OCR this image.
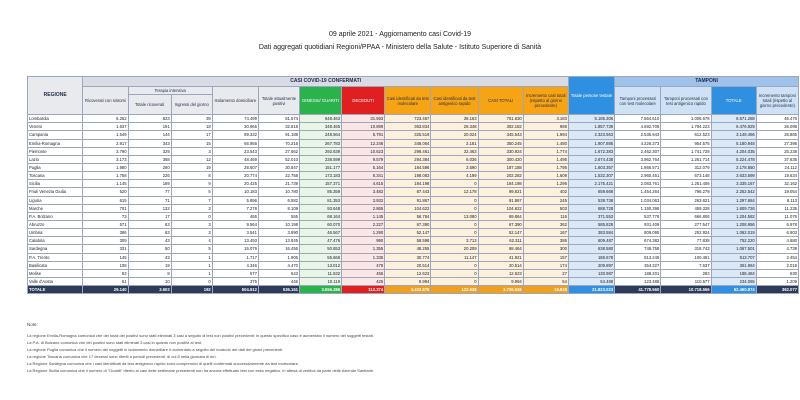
09 aprile 2021 - Aggiornamento casi Covid-19
Dati aggregati quotidiani Regioni/PPAA - Ministero della Salute - Istituto Superiore di Sanità
REGIONE	CASI COVID-19 CONFERMATI											Totale persone testate	TAMPONI			
	Ricoverati con sintomi	Terapia intensiva		Isolamento domiciliare	Totale attualmente positivi	DIMESSI/ GUARITI	DECEDUTI	Casi identificati da test molecolare	Casi identificati da test antigenico rapido	CASI TOTALI	Incremento casi totali (rispetto al giorno precedente)		Tamponi processati con test molecolare	Tamponi processati con test antigenico rapido	TOTALE	Incremento tamponi totali (rispetto al giorno precedente)
		Totale ricoverati	Ingressi del giorno													
Lombardia	6.252	823	39	74.499	81.574	648.463	31.593	723.467	38.163	761.630	3.183	5.185.306	7.564.610	1.006.678	8.571.288	46.476
Veneto	1.637	191	18	30.965	32.818	348.465	10.899	363.834	28.348	392.182	986	1.857.739	4.692.706	1.784.223	6.476.929	26.098
Campania	1.549	144	17	89.332	91.188	248.564	5.791	325.519	20.024	345.543	1.994	2.323.563	2.535.943	612.523	3.148.466	26.865
Emilia-Romagna	2.917	343	15	66.956	70.216	267.783	12.246	348.064	2.181	350.245	1.480	1.907.885	4.226.373	954.575	5.180.948	27.396
Piemonte	3.790	329	3	23.543	27.662	292.639	10.623	298.461	32.463	330.924	1.774	1.672.383	2.462.307	1.741.728	4.204.035	25.238
Lazio	3.173	368	12	48.469	52.010	238.599	9.579	294.384	6.036	300.420	1.495	2.674.438	3.962.764	1.261.714	5.224.478	37.635
Puglia	1.980	260	19	28.607	30.847	151.177	5.164	184.598	2.590	187.188	1.795	1.603.357	1.866.571	312.079	2.178.650	24.112
Toscana	1.758	226	8	20.774	22.758	173.183	6.341	198.083	4.199	202.282	1.609	1.532.307	2.960.451	673.148	3.633.599	19.634
Sicilia	1.145	169	9	20.425	21.739	157.371	4.615	184.198	0	184.198	1.296	2.175.421	2.083.761	1.251.406	3.335.167	32.162
Friuli Venezia Giulia	520	77	5	10.183	10.780	85.359	3.482	87.443	12.178	99.621	402	659.668	1.454.264	798.278	2.252.542	19.054
Liguria	615	71	7	5.896	6.582	81.353	3.932	91.867	0	91.867	245	539.738	1.034.063	263.621	1.297.684	8.113
Marche	701	132	3	7.276	8.109	93.648	2.865	104.622	0	104.622	503	688.728	1.150.398	459.328	1.609.726	11.235
P.A. Bolzano	73	17	0	465	555	68.164	1.145	56.784	13.080	69.864	116	371.553	537.776	666.806	1.204.582	11.076
Abruzzo	571	63	3	9.564	10.198	60.070	2.227	67.390	0	67.390	362	585.828	931.409	277.547	1.208.956	6.978
Umbria	386	63	3	3.541	3.990	46.567	1.290	52.147	0	52.147	167	383.584	809.095	252.924	1.062.019	6.903
Calabria	309	43	4	13.493	13.845	47.476	990	58.598	3.713	62.311	386	609.487	674.382	77.838	752.220	4.680
Sardegna	331	50	5	16.075	16.456	50.653	1.355	48.255	20.209	68.464	300	638.580	748.758	318.743	1.067.501	4.739
P.A. Trento	145	43	1	1.717	1.905	55.666	1.335	30.774	11.147	41.921	157	186.678	813.246	100.461	913.707	2.454
Basilicata	108	19	1	4.346	4.470	13.012	479	20.514	0	20.514	174	209.897	354.327	7.637	361.964	2.019
Molise	63	8	1	577	643	11.632	455	12.623	0	12.623	27	130.987	188.201	283	188.484	630
Valle d'Aosta	61	10	0	375	446	10.119	425	9.994	0	9.994	54	54.488	123.488	110.577	234.065	1.209
TOTALE	29.140	3.603	192	504.612	536.161	3.056.386	112.374	3.433.876	122.638	3.736.526	19.838	21.823.023	41.778.560	10.718.556	52.460.874	362.077
Note:
La regione Emilia-Romagna comunica che dei totali dei positivi sono stati eliminati 3 casi a seguito di test non positivi precedenti; in questo specifico caso è aumentato il numero dei soggetti testati.
La P.A. di Bolzano comunica che dei positivi sono stati eliminati 3 casi in quanto non positivi al test.
La regione Puglia comunica che il numero dei soggetti in isolamento domiciliare è aumentato a seguito del ricalcolo dei dati dei giorni precedenti.
La regione Toscana comunica che 17 decessi sono riferiti a periodi precedenti, di cui 8 nella giornata di ieri.
La Regione Sardegna comunica che i casi identificati da test antigenico rapido sono comprensivi di quelli confermati successivamente da test molecolare.
La Regione Sicilia comunica che il numero di "Guariti" riferito ai casi delle settimane precedenti non ha ancora effettuato test con esito negativo, in attesa di verifica da parte delle Aziende Sanitarie.
